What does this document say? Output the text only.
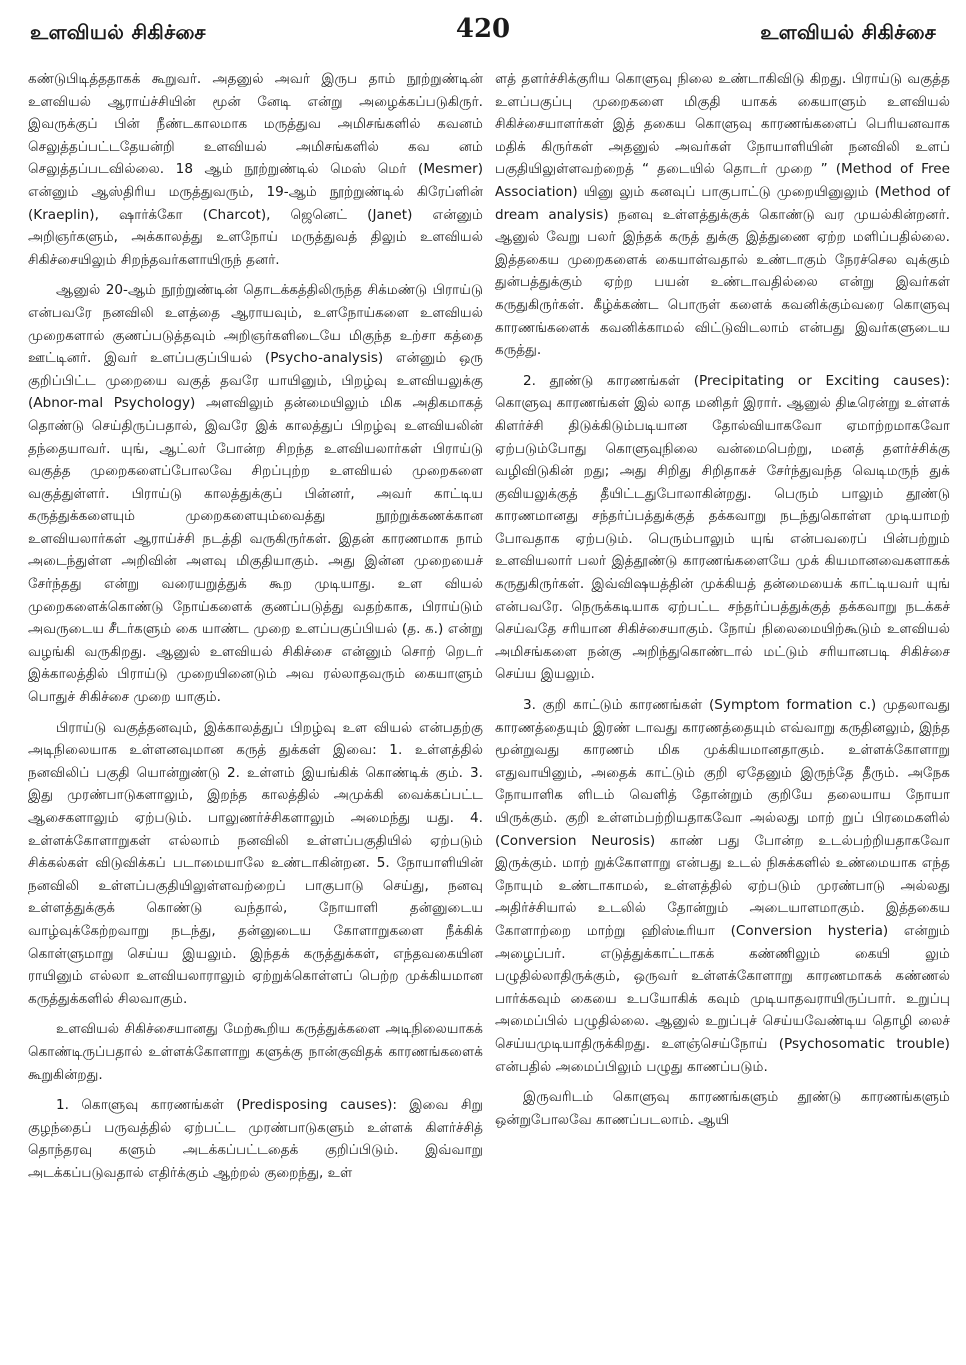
உளவியல் சிகிச்சை	420	உளவியல் சிகிச்சை

கண்டுபிடித்ததாகக் கூறுவர். அதனுல் அவர் இருப தாம் நூற்றுண்டின் உளவியல் ஆராய்ச்சியின் மூன் னேடி என்று அழைக்கப்படுகிருர். இவருக்குப் பின் நீண்டகாலமாக மருத்துவ அமிசங்களில் கவனம் செலுத்தப்பட்டதேயன்றி உளவியல் அமிசங்களில் கவ னம் செலுத்தப்படவில்லை. 18 ஆம் நூற்றுண்டில் மெஸ் மெர் (Mesmer) என்னும் ஆஸ்திரிய மருத்துவரும், 19-ஆம் நூற்றுண்டில் கிரேப்ளின் (Kraeplin), ஷார்க்கோ (Charcot), ஜெனெட் (Janet) என்னும் அறிஞர்களும், அக்காலத்து உளநோய் மருத்துவத் திலும் உளவியல் சிகிச்சையிலும் சிறந்தவர்களாயிருந் தனர்.

ஆனுல் 20-ஆம் நூற்றுண்டின் தொடக்கத்திலிருந்த சிக்மண்டு பிராய்டு என்பவரே நனவிலி உளத்தை ஆராயவும், உளநோய்களை உளவியல் முறைகளால் குணப்படுத்தவும் அறிஞர்களிடையே மிகுந்த உற்சா கத்தை ஊட்டினர். இவர் உளப்பகுப்பியல் (Psycho-analysis) என்னும் ஒரு குறிப்பிட்ட முறையை வகுத் தவரே யாயினும், பிறழ்வு உளவியலுக்கு (Abnor-mal Psychology) அளவிலும் தன்மையிலும் மிக அதிகமாகத் தொண்டு செய்திருப்பதால், இவரே இக் காலத்துப் பிறழ்வு உளவியலின் தந்தையாவர். யுங், ஆட்லர் போன்ற சிறந்த உளவியலார்கள் பிராய்டு வகுத்த முறைகளைப்போலவே சிறப்புற்ற உளவியல் முறைகளை வகுத்துள்ளர். பிராய்டு காலத்துக்குப் பின்னர், அவர் காட்டிய கருத்துக்களையும் முறைகளையும்வைத்து நூற்றுக்கணக்கான உளவியலார்கள் ஆராய்ச்சி நடத்தி வருகிருர்கள். இதன் காரணமாக நாம் அடைந்துள்ள அறிவின் அளவு மிகுதியாகும். அது இன்ன முறையைச் சேர்ந்தது என்று வரையறுத்துக் கூற முடியாது. உள வியல் முறைகளைக்கொண்டு நோய்களைக் குணப்படுத்து வதற்காக, பிராய்டும் அவருடைய சீடர்களும் கை யாண்ட முறை உளப்பகுப்பியல் (த. க.) என்று வழங்கி வருகிறது. ஆனுல் உளவியல் சிகிச்சை என்னும் சொற் றெடர் இக்காலத்தில் பிராய்டு முறையினைடும் அவ ரல்லாதவரும் கையாளும் பொதுச் சிகிச்சை முறை யாகும்.

பிராய்டு வகுத்தனவும், இக்காலத்துப் பிறழ்வு உள வியல் என்பதற்கு அடிநிலையாக உள்ளனவுமான கருத் துக்கள் இவை: 1. உள்ளத்தில் நனவிலிப் பகுதி யொன்றுண்டு 2. உள்ளம் இயங்கிக் கொண்டிக் கும். 3. இது முரண்பாடுகளாலும், இறந்த காலத்தில் அமுக்கி வைக்கப்பட்ட ஆசைகளாலும் ஏற்படும். பாலுணர்ச்சிகளாலும் அமைந்து யது. 4. உள்ளக்கோளாறுகள் எல்லாம் நனவிலி உள்ளப்பகுதியில் ஏற்படும் சிக்கல்கள் விடுவிக்கப் படாமையாலே உண்டாகின்றன. 5. நோயாளியின் நனவிலி உள்ளப்பகுதியிலுள்ளவற்றைப் பாகுபாடு செய்து, நனவு உள்ளத்துக்குக் கொண்டு வந்தால், நோயாளி தன்னுடைய வாழ்வுக்கேற்றவாறு நடந்து, தன்னுடைய கோளாறுகளை நீக்கிக் கொள்ளுமாறு செய்ய இயலும். இந்தக் கருத்துக்கள், எந்தவகையின ராயினும் எல்லா உளவியலாராலும் ஏற்றுக்கொள்ளப் பெற்ற முக்கியமான கருத்துக்களில் சிலவாகும்.

உளவியல் சிகிச்சையானது மேற்கூறிய கருத்துக்களை அடிநிலையாகக் கொண்டிருப்பதால் உள்ளக்கோளாறு களுக்கு நான்குவிதக் காரணங்களைக் கூறுகின்றது.

1. கொளுவு காரணங்கள் (Predisposing causes): இவை சிறு குழந்தைப் பருவத்தில் ஏற்பட்ட முரண்பாடுகளும் உள்ளக் கிளர்ச்சித் தொந்தரவு களும் அடக்கப்பட்டதைக் குறிப்பிடும். இவ்வாறு அடக்கப்படுவதால் எதிர்க்கும் ஆற்றல் குறைந்து, உள்

ளத் தளர்ச்சிக்குரிய கொளுவு நிலை உண்டாகிவிடு கிறது. பிராய்டு வகுத்த உளப்பகுப்பு முறைகளை மிகுதி யாகக் கையாளும் உளவியல் சிகிச்சையாளர்கள் இத் தகைய கொளுவு காரணங்களைப் பெரியனவாக மதிக் கிருர்கள் அதனுல் அவர்கள் நோயாளியின் நனவிலி உளப் பகுதியிலுள்ளவற்றைத் “ தடையில் தொடர் முறை ” (Method of Free Association) யினு லும் கனவுப் பாகுபாட்டு முறையினுலும் (Method of dream analysis) நனவு உள்ளத்துக்குக் கொண்டு வர முயல்கின்றனர். ஆனுல் வேறு பலர் இந்தக் கருத் துக்கு இத்துணை ஏற்ற மளிப்பதில்லை. இத்தகைய முறைகளைக் கையாள்வதால் உண்டாகும் நேரச்செல வுக்கும் துன்பத்துக்கும் ஏற்ற பயன் உண்டாவதில்லை என்று இவர்கள் கருதுகிருர்கள். கீழ்க்கண்ட பொருள் களைக் கவனிக்கும்வரை கொளுவு காரணங்களைக் கவனிக்காமல் விட்டுவிடலாம் என்பது இவர்களுடைய கருத்து.

2. தூண்டு காரணங்கள் (Precipitating or Exciting causes): கொளுவு காரணங்கள் இல் லாத மனிதர் இரார். ஆனுல் திடீரென்று உள்ளக் கிளர்ச்சி திடுக்கிடும்படியான தோல்வியாகவோ ஏமாற்றமாகவோ ஏற்படும்போது கொளுவுநிலை வன்மைபெற்று, மனத் தளர்ச்சிக்கு வழிவிடுகின் றது; அது சிறிது சிறிதாகச் சேர்ந்துவந்த வெடிமருந் துக் குவியலுக்குத் தீயிட்டதுபோலாகின்றது. பெரும் பாலும் தூண்டு காரணமானது சந்தர்ப்பத்துக்குத் தக்கவாறு நடந்துகொள்ள முடியாமற் போவதாக ஏற்படும். பெரும்பாலும் யுங் என்பவரைப் பின்பற்றும் உளவியலார் பலர் இத்தூண்டு காரணங்களையே முக் கியமானவைகளாகக் கருதுகிருர்கள். இவ்விஷயத்தின் முக்கியத் தன்மையைக் காட்டியவர் யுங் என்பவரே. நெருக்கடியாக ஏற்பட்ட சந்தர்ப்பத்துக்குத் தக்கவாறு நடக்கச் செய்வதே சரியான சிகிச்சையாகும். நோய் நிலைமையிற்கூடும் உளவியல் அமிசங்களை நன்கு அறிந்துகொண்டால் மட்டும் சரியானபடி சிகிச்சை செய்ய இயலும்.

3. குறி காட்டும் காரணங்கள் (Symptom formation c.) முதலாவது காரணத்தையும் இரண் டாவது காரணத்தையும் எவ்வாறு கருதினலும், இந்த மூன்றுவது காரணம் மிக முக்கியமானதாகும். உள்ளக்கோளாறு எதுவாயினும், அதைக் காட்டும் குறி ஏதேனும் இருந்தே தீரும். அநேக நோயாளிக ளிடம் வெளித் தோன்றும் குறியே தலையாய நோயா யிருக்கும். குறி உள்ளம்பற்றியதாகவோ அல்லது மாற் றுப் பிரமைகளில் (Conversion Neurosis) காண் பது போன்ற உடல்பற்றியதாகவோ இருக்கும். மாற் றுக்கோளாறு என்பது உடல் நிசுக்களில் உண்மையாக எந்த நோயும் உண்டாகாமல், உள்ளத்தில் ஏற்படும் முரண்பாடு அல்லது அதிர்ச்சியால் உடலில் தோன்றும் அடையாளமாகும். இத்தகைய கோளாற்றை மாற்று ஹிஸ்டீரியா (Conversion hysteria) என்றும் அழைப்பர். எடுத்துக்காட்டாகக் கண்ணிலும் கையி லும் பழுதில்லாதிருக்கும், ஒருவர் உள்ளக்கோளாறு காரணமாகக் கண்ணல் பார்க்கவும் கையை உபயோகிக் கவும் முடியாதவராயிருப்பார். உறுப்பு அமைப்பில் பழுதில்லை. ஆனுல் உறுப்புச் செய்யவேண்டிய தொழி லைச் செய்யமுடியாதிருக்கிறது. உளஞ்செய்நோய் (Psychosomatic trouble) என்பதில் அமைப்பிலும் பழுது காணப்படும்.

இருவரிடம் கொளுவு காரணங்களும் தூண்டு காரணங்களும் ஒன்றுபோலவே காணப்படலாம். ஆயி
